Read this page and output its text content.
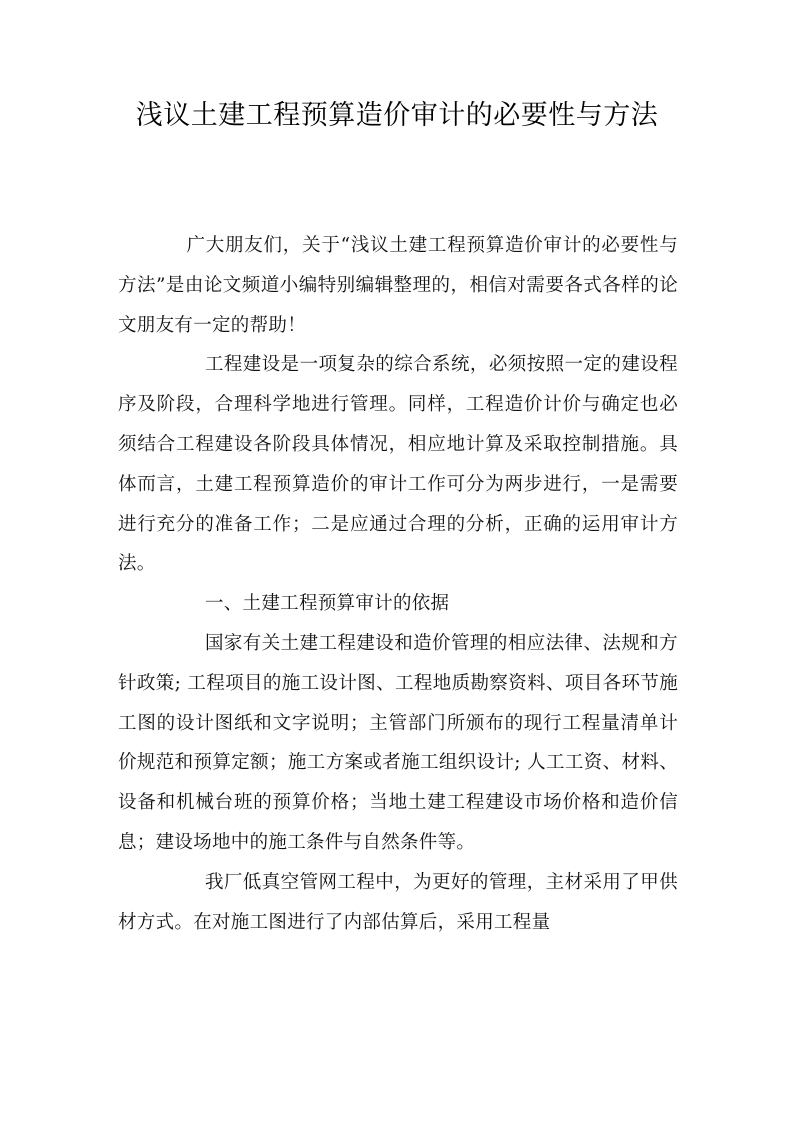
浅议土建工程预算造价审计的必要性与方法

广大朋友们，关于“浅议土建工程预算造价审计的必要性与方法”是由论文频道小编特别编辑整理的，相信对需要各式各样的论文朋友有一定的帮助！

工程建设是一项复杂的综合系统，必须按照一定的建设程序及阶段，合理科学地进行管理。同样，工程造价计价与确定也必须结合工程建设各阶段具体情况，相应地计算及采取控制措施。具体而言，土建工程预算造价的审计工作可分为两步进行，一是需要进行充分的准备工作；二是应通过合理的分析，正确的运用审计方法。

一、土建工程预算审计的依据

国家有关土建工程建设和造价管理的相应法律、法规和方针政策; 工程项目的施工设计图、工程地质勘察资料、项目各环节施工图的设计图纸和文字说明；主管部门所颁布的现行工程量清单计价规范和预算定额；施工方案或者施工组织设计; 人工工资、材料、设备和机械台班的预算价格；当地土建工程建设市场价格和造价信息；建设场地中的施工条件与自然条件等。

我厂低真空管网工程中，为更好的管理，主材采用了甲供材方式。在对施工图进行了内部估算后，采用工程量
